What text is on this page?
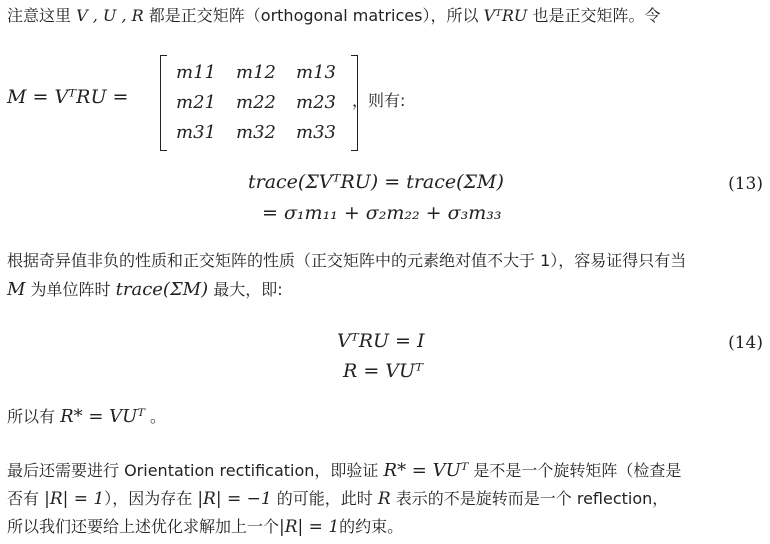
注意这里 V , U , R 都是正交矩阵（orthogonal matrices），所以 VᵀRU 也是正交矩阵。令
M = VᵀRU =
m11	m12	m13
m21	m22	m23
m31	m32	m33
，则有:
trace(ΣVᵀRU) = trace(ΣM)
= σ₁m₁₁ + σ₂m₂₂ + σ₃m₃₃
(13)
根据奇异值非负的性质和正交矩阵的性质（正交矩阵中的元素绝对值不大于 1），容易证得只有当
M 为单位阵时 trace(ΣM) 最大，即:
VᵀRU = I
R = VUᵀ
(14)
所以有 R* = VUᵀ 。
最后还需要进行 Orientation rectification，即验证 R* = VUᵀ 是不是一个旋转矩阵（检查是
否有 |R| = 1），因为存在 |R| = −1 的可能，此时 R 表示的不是旋转而是一个 reflection，
所以我们还要给上述优化求解加上一个|R| = 1的约束。
